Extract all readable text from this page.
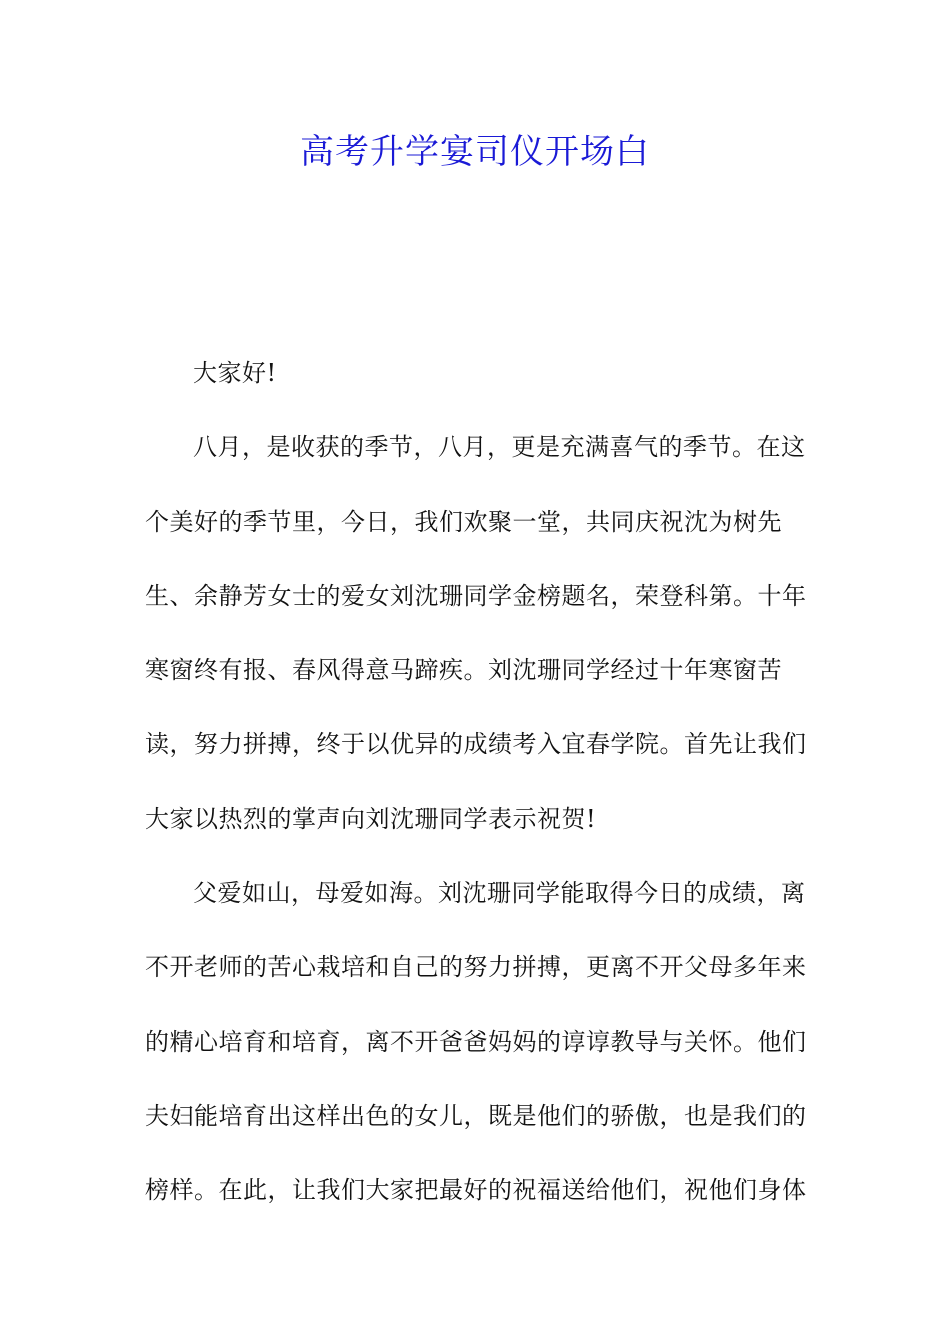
高考升学宴司仪开场白

大家好!

八月，是收获的季节，八月，更是充满喜气的季节。在这个美好的季节里，今日，我们欢聚一堂，共同庆祝沈为树先生、余静芳女士的爱女刘沈珊同学金榜题名，荣登科第。十年寒窗终有报、春风得意马蹄疾。刘沈珊同学经过十年寒窗苦读，努力拼搏，终于以优异的成绩考入宜春学院。首先让我们大家以热烈的掌声向刘沈珊同学表示祝贺!

父爱如山，母爱如海。刘沈珊同学能取得今日的成绩，离不开老师的苦心栽培和自己的努力拼搏，更离不开父母多年来的精心培育和培育，离不开爸爸妈妈的谆谆教导与关怀。他们夫妇能培育出这样出色的女儿，既是他们的骄傲，也是我们的榜样。在此，让我们大家把最好的祝福送给他们，祝他们身体
